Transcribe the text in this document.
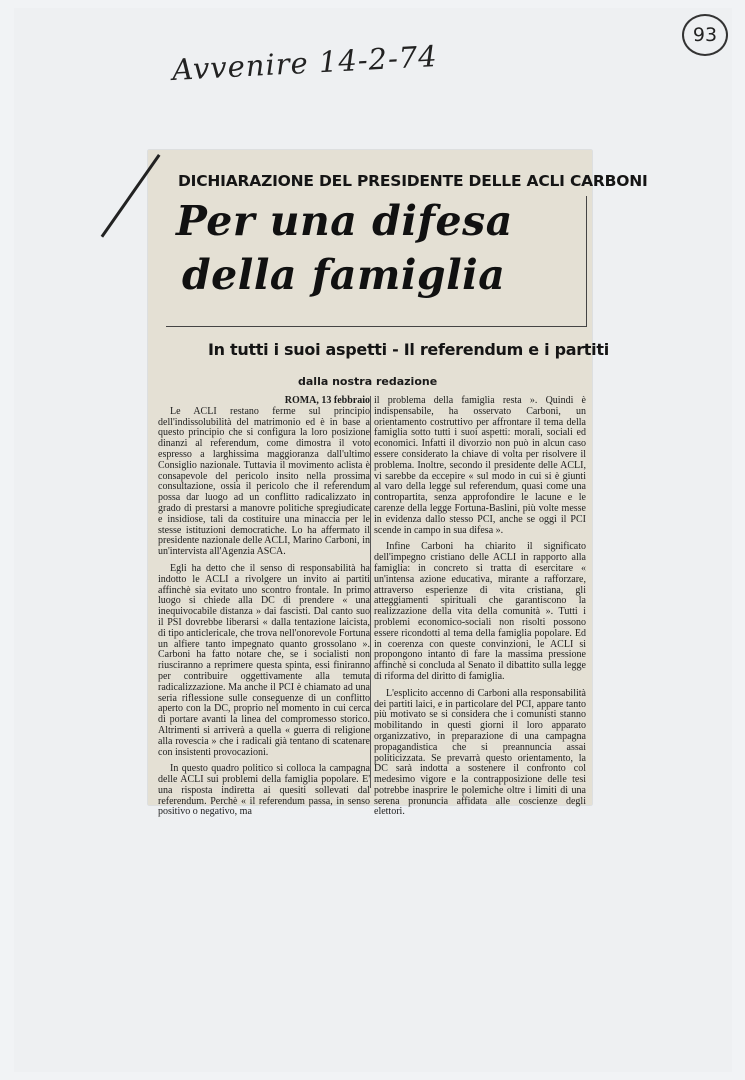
93
Avvenire 14-2-74
DICHIARAZIONE DEL PRESIDENTE DELLE ACLI CARBONI
Per una difesa
della famiglia
In tutti i suoi aspetti - Il referendum e i partiti
dalla nostra redazione
ROMA, 13 febbraio

Le ACLI restano ferme sul principio dell'indissolubilità del matrimonio ed è in base a questo principio che si configura la loro posizione dinanzi al referendum, come dimostra il voto espresso a larghissima maggioranza dall'ultimo Consiglio nazionale. Tuttavia il movimento aclista è consapevole del pericolo insito nella prossima consultazione, ossia il pericolo che il referendum possa dar luogo ad un conflitto radicalizzato in grado di prestarsi a manovre politiche spregiudicate e insidiose, tali da costituire una minaccia per le stesse istituzioni democratiche. Lo ha affermato il presidente nazionale delle ACLI, Marino Carboni, in un'intervista all'Agenzia ASCA.

Egli ha detto che il senso di responsabilità ha indotto le ACLI a rivolgere un invito ai partiti affinchè sia evitato uno scontro frontale. In primo luogo si chiede alla DC di prendere « una inequivocabile distanza » dai fascisti. Dal canto suo il PSI dovrebbe liberarsi « dalla tentazione laicista, di tipo anticlericale, che trova nell'onorevole Fortuna un alfiere tanto impegnato quanto grossolano ». Carboni ha fatto notare che, se i socialisti non riusciranno a reprimere questa spinta, essi finiranno per contribuire oggettivamente alla temuta radicalizzazione. Ma anche il PCI è chiamato ad una seria riflessione sulle conseguenze di un conflitto aperto con la DC, proprio nel momento in cui cerca di portare avanti la linea del compromesso storico. Altrimenti si arriverà a quella « guerra di religione alla rovescia » che i radicali già tentano di scatenare con insistenti provocazioni.

In questo quadro politico si colloca la campagna delle ACLI sui problemi della famiglia popolare. E' una risposta indiretta ai quesiti sollevati dal referendum. Perchè « il referendum passa, in senso positivo o negativo, ma

il problema della famiglia resta ». Quindi è indispensabile, ha osservato Carboni, un orientamento costruttivo per affrontare il tema della famiglia sotto tutti i suoi aspetti: morali, sociali ed economici. Infatti il divorzio non può in alcun caso essere considerato la chiave di volta per risolvere il problema. Inoltre, secondo il presidente delle ACLI, vi sarebbe da eccepire « sul modo in cui si è giunti al varo della legge sul referendum, quasi come una contropartita, senza approfondire le lacune e le carenze della legge Fortuna-Baslini, più volte messe in evidenza dallo stesso PCI, anche se oggi il PCI scende in campo in sua difesa ».

Infine Carboni ha chiarito il significato dell'impegno cristiano delle ACLI in rapporto alla famiglia: in concreto si tratta di esercitare « un'intensa azione educativa, mirante a rafforzare, attraverso esperienze di vita cristiana, gli atteggiamenti spirituali che garantiscono la realizzazione della vita della comunità ». Tutti i problemi economico-sociali non risolti possono essere ricondotti al tema della famiglia popolare. Ed in coerenza con queste convinzioni, le ACLI si propongono intanto di fare la massima pressione affinchè si concluda al Senato il dibattito sulla legge di riforma del diritto di famiglia.

L'esplicito accenno di Carboni alla responsabilità dei partiti laici, e in particolare del PCI, appare tanto più motivato se si considera che i comunisti stanno mobilitando in questi giorni il loro apparato organizzativo, in preparazione di una campagna propagandistica che si preannuncia assai politicizzata. Se prevarrà questo orientamento, la DC sarà indotta a sostenere il confronto col medesimo vigore e la contrapposizione delle tesi potrebbe inasprire le polemiche oltre i limiti di una serena pronuncia affidata alle coscienze degli elettori.
